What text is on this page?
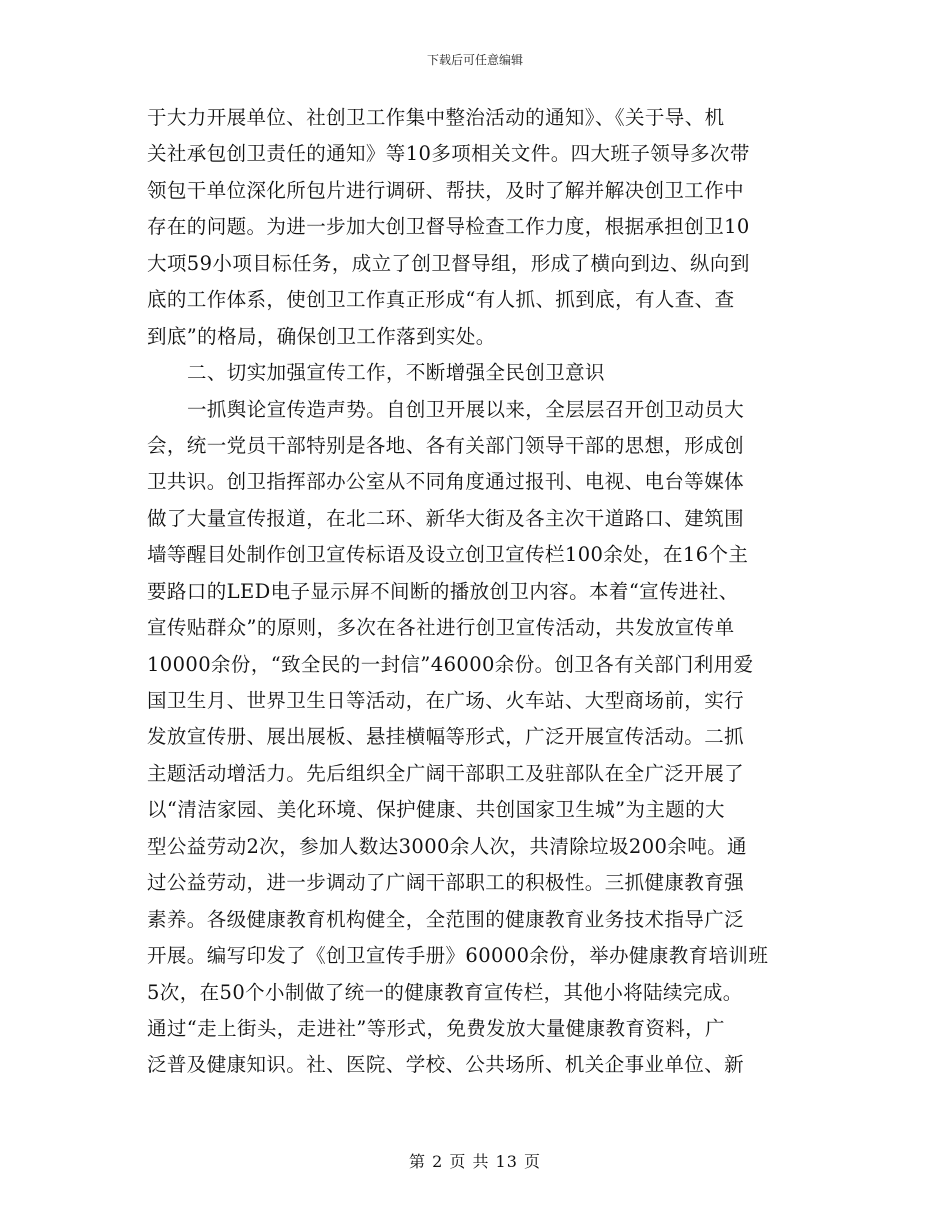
下载后可任意编辑
于大力开展单位、社创卫工作集中整治活动的通知》、《关于导、机
关社承包创卫责任的通知》等10多项相关文件。四大班子领导多次带
领包干单位深化所包片进行调研、帮扶，及时了解并解决创卫工作中
存在的问题。为进一步加大创卫督导检查工作力度，根据承担创卫10
大项59小项目标任务，成立了创卫督导组，形成了横向到边、纵向到
底的工作体系，使创卫工作真正形成“有人抓、抓到底，有人查、查
到底”的格局，确保创卫工作落到实处。
二、切实加强宣传工作，不断增强全民创卫意识
一抓舆论宣传造声势。自创卫开展以来，全层层召开创卫动员大
会，统一党员干部特别是各地、各有关部门领导干部的思想，形成创
卫共识。创卫指挥部办公室从不同角度通过报刊、电视、电台等媒体
做了大量宣传报道，在北二环、新华大街及各主次干道路口、建筑围
墙等醒目处制作创卫宣传标语及设立创卫宣传栏100余处，在16个主
要路口的LED电子显示屏不间断的播放创卫内容。本着“宣传进社、
宣传贴群众”的原则，多次在各社进行创卫宣传活动，共发放宣传单
10000余份，“致全民的一封信”46000余份。创卫各有关部门利用爱
国卫生月、世界卫生日等活动，在广场、火车站、大型商场前，实行
发放宣传册、展出展板、悬挂横幅等形式，广泛开展宣传活动。二抓
主题活动增活力。先后组织全广阔干部职工及驻部队在全广泛开展了
以“清洁家园、美化环境、保护健康、共创国家卫生城”为主题的大
型公益劳动2次，参加人数达3000余人次，共清除垃圾200余吨。通
过公益劳动，进一步调动了广阔干部职工的积极性。三抓健康教育强
素养。各级健康教育机构健全，全范围的健康教育业务技术指导广泛
开展。编写印发了《创卫宣传手册》60000余份，举办健康教育培训班
5次，在50个小制做了统一的健康教育宣传栏，其他小将陆续完成。
通过“走上街头，走进社”等形式，免费发放大量健康教育资料，广
泛普及健康知识。社、医院、学校、公共场所、机关企事业单位、新
第 2 页 共 13 页
